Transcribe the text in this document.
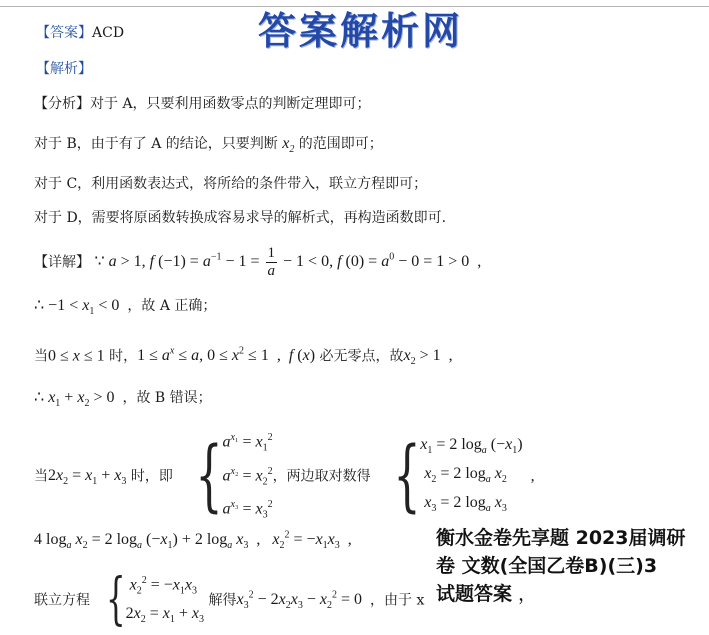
答案解析网
【答案】ACD
【解析】
【分析】对于 A，只要利用函数零点的判断定理即可；
对于 B，由于有了 A 的结论，只要判断 $x_2$ 的范围即可；
对于 C，利用函数表达式，将所给的条件带入，联立方程即可；
对于 D，需要将原函数转换成容易求导的解析式，再构造函数即可.
【详解】 ∵ a > 1, f $(-1) = a^{-1} - 1 = \frac{1}{a} - 1 < 0$, f $(0) = a^0 - 0 = 1 > 0$  ,
∴ $-1 < x_1 < 0$  ，故 A 正确；
当0 ≤ x ≤ 1 时，$1 \le a^x \le a$, $0 \le x^2 \le 1$  ,  f (x) 必无零点，故$x_2 > 1$  ,
∴ $x_1 + x_2 > 0$  ，故 B 错误；
当$2x_2 = x_1 + x_3$ 时，即 { $a^{x_1} = x_1^2$
$a^{x_2} = x_2^2$
$a^{x_3} = x_3^2$
，两边取对数得 { $x_1 = 2$ $\log_a (-x_1)$
$x_2 = 2$ $\log_a x_2$
$x_3 = 2$ $\log_a x_3$
,
4 $\log_a x_2 = 2$ $\log_a (-x_1) + 2$ $\log_a x_3$  ,   $x_2^2 = -x_1x_3$  ,
联立方程 { $x_2^2 = -x_1x_3$
$2x_2 = x_1 + x_3$
解得$x_3^2 - 2x_2x_3 - x_2^2 = 0$  ，由于 x
衡水金卷先享题 2023届调研
卷 文数(全国乙卷B)(三)3
试题答案 ，
